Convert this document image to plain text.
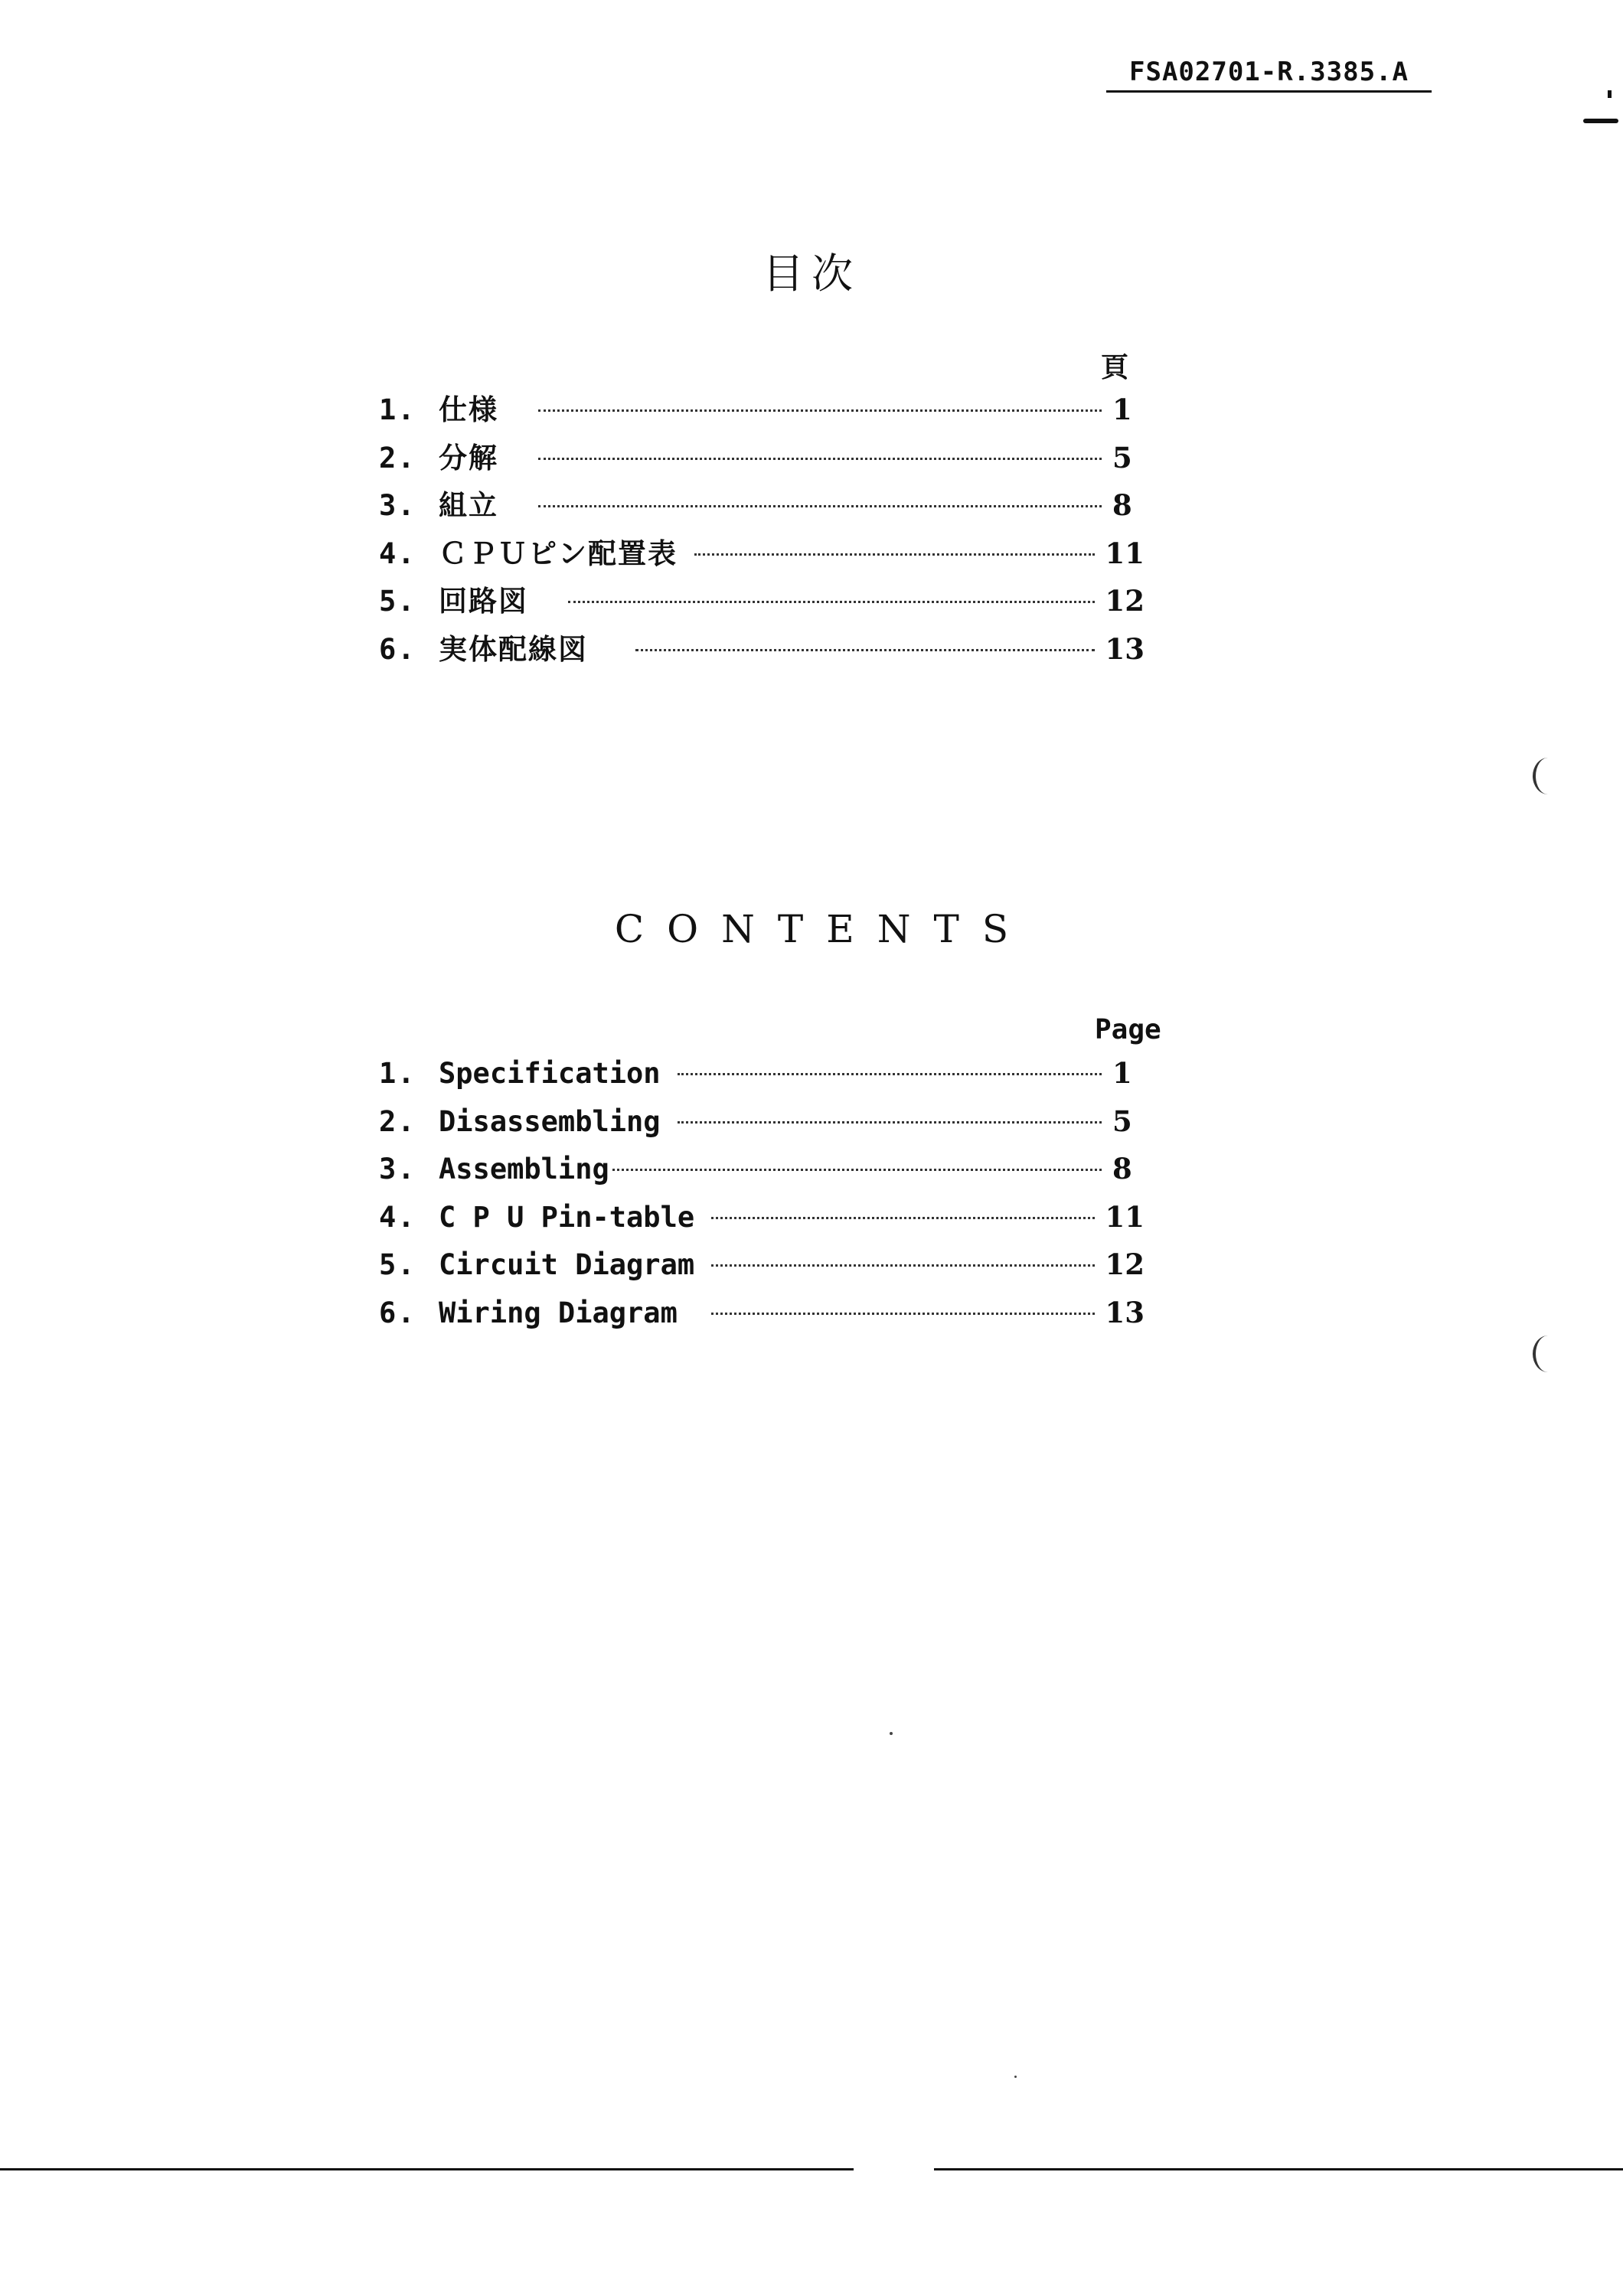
FSA02701-R.3385.A
目次
頁
1. 仕様	1
2. 分解	5
3. 組立	8
4. ＣＰＵピン配置表	11
5. 回路図	12
6. 実体配線図	13
CONTENTS
Page
1. Specification	1
2. Disassembling	5
3. Assembling	8
4. C P U Pin-table	11
5. Circuit Diagram	12
6. Wiring Diagram	13
